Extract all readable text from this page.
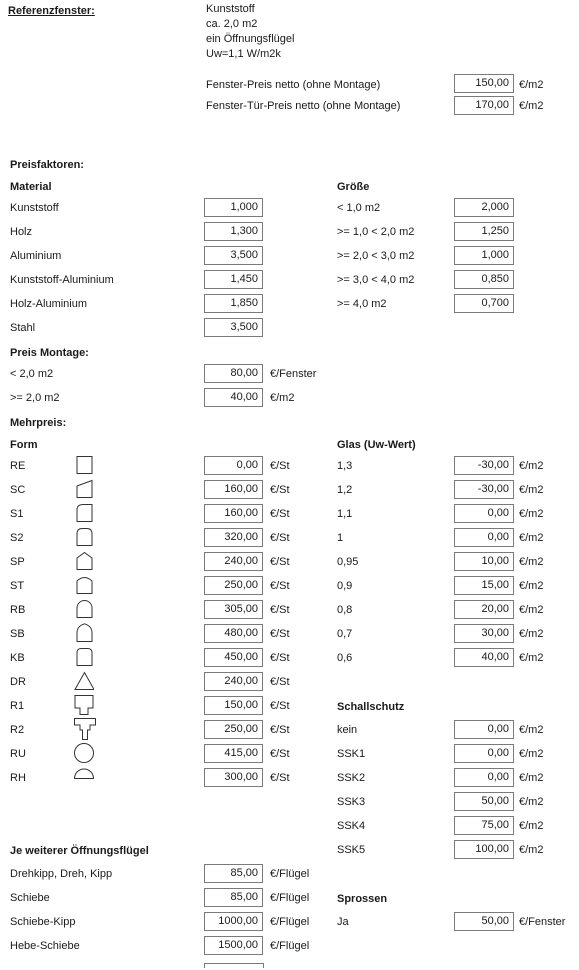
Referenzfenster:	Kunststoff
ca. 2,0 m2
ein Öffnungsflügel
Uw=1,1 W/m2k
Fenster-Preis netto (ohne Montage)	150,00 €/m2
Fenster-Tür-Preis netto (ohne Montage)	170,00 €/m2
Preisfaktoren:
Material	Größe
Kunststoff	1,000
Holz	1,300
Aluminium	3,500
Kunststoff-Aluminium	1,450
Holz-Aluminium	1,850
Stahl	3,500
< 1,0 m2	2,000
>= 1,0 < 2,0 m2	1,250
>= 2,0 < 3,0 m2	1,000
>= 3,0 < 4,0 m2	0,850
>= 4,0 m2	0,700
Preis Montage:
< 2,0 m2	80,00	€/Fenster
>= 2,0 m2	40,00	€/m2
Mehrpreis:
Form	Glas (Uw-Wert)
RE	0,00	€/St
SC	160,00	€/St
S1	160,00	€/St
S2	320,00	€/St
SP	240,00	€/St
ST	250,00	€/St
RB	305,00	€/St
SB	480,00	€/St
KB	450,00	€/St
DR	240,00	€/St
R1	150,00	€/St
R2	250,00	€/St
RU	415,00	€/St
RH	300,00	€/St
1,3	-30,00 €/m2
1,2	-30,00 €/m2
1,1	0,00 €/m2
1	0,00 €/m2
0,95	10,00 €/m2
0,9	15,00 €/m2
0,8	20,00 €/m2
0,7	30,00 €/m2
0,6	40,00 €/m2
Schallschutz
kein	0,00 €/m2
SSK1	0,00 €/m2
SSK2	0,00 €/m2
SSK3	50,00 €/m2
SSK4	75,00 €/m2
SSK5	100,00 €/m2
Je weiterer Öffnungsflügel
Drehkipp, Dreh, Kipp	85,00	€/Flügel
Schiebe	85,00	€/Flügel
Schiebe-Kipp	1000,00	€/Flügel
Hebe-Schiebe	1500,00	€/Flügel
Sprossen
Ja	50,00 €/Fenster
